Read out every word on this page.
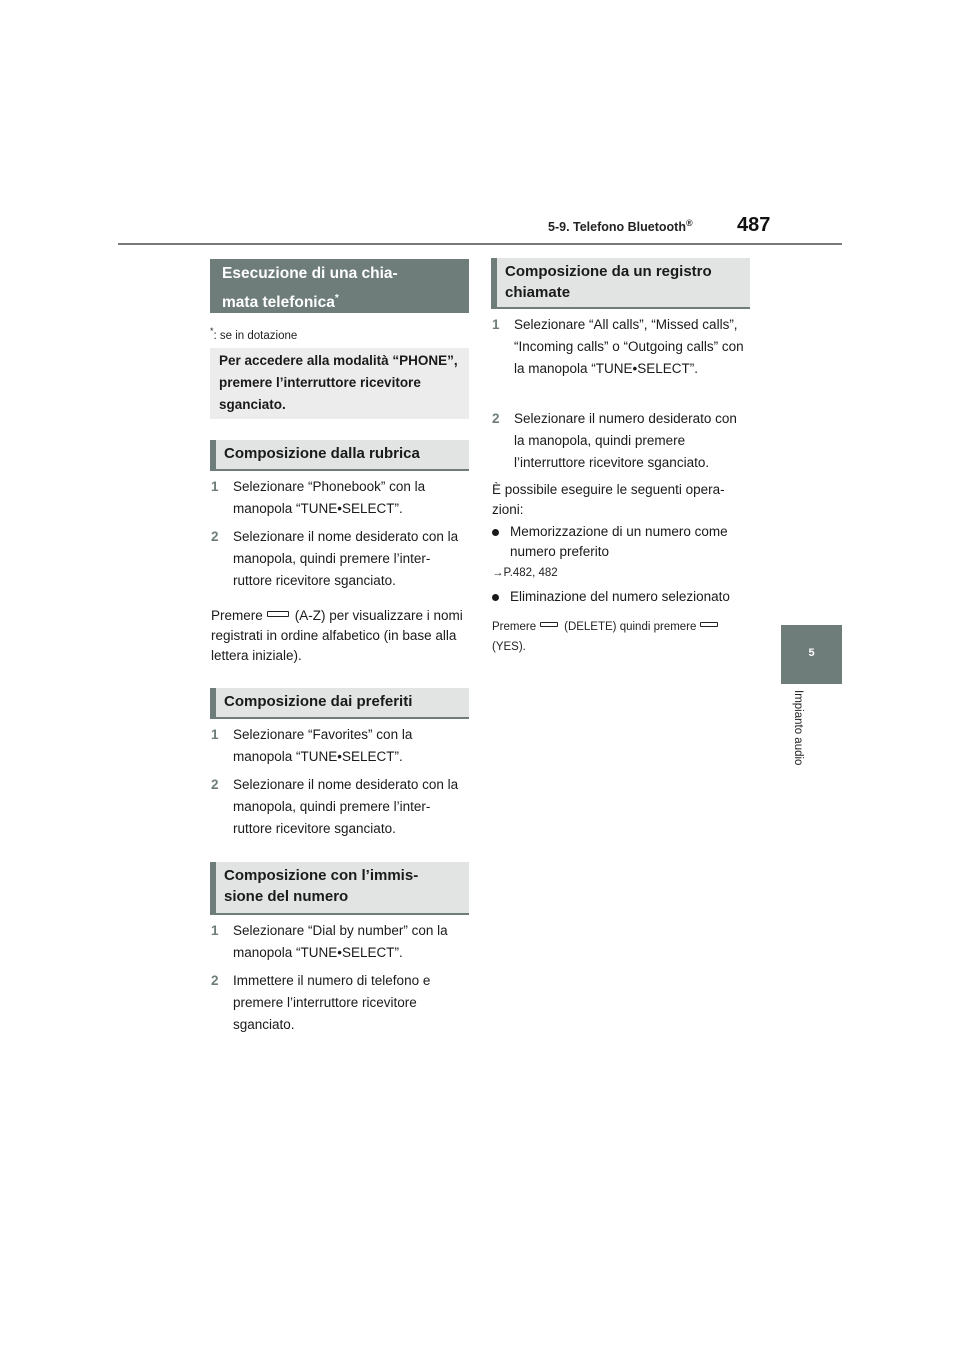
5-9. Telefono Bluetooth® 487
5
Impianto audio
Esecuzione di una chia-
mata telefonica*
*: se in dotazione
Per accedere alla modalità “PHONE”, premere l’interruttore ricevitore sganciato.
Composizione dalla rubrica
1 Selezionare “Phonebook” con la manopola “TUNE•SELECT”.
2 Selezionare il nome desiderato con la manopola, quindi premere l’inter-ruttore ricevitore sganciato.
Premere (A-Z) per visualizzare i nomi registrati in ordine alfabetico (in base alla lettera iniziale).
Composizione dai preferiti
1 Selezionare “Favorites” con la manopola “TUNE•SELECT”.
2 Selezionare il nome desiderato con la manopola, quindi premere l’inter-ruttore ricevitore sganciato.
Composizione con l’immis-
sione del numero
1 Selezionare “Dial by number” con la manopola “TUNE•SELECT”.
2 Immettere il numero di telefono e premere l’interruttore ricevitore sganciato.
Composizione da un registro
chiamate
1 Selezionare “All calls”, “Missed calls”, “Incoming calls” o “Outgoing calls” con la manopola “TUNE•SELECT”.
2 Selezionare il numero desiderato con la manopola, quindi premere l’interruttore ricevitore sganciato.
È possibile eseguire le seguenti opera-zioni:
Memorizzazione di un numero come numero preferito
→P.482, 482
Eliminazione del numero selezionato
Premere (DELETE) quindi premere
(YES).
